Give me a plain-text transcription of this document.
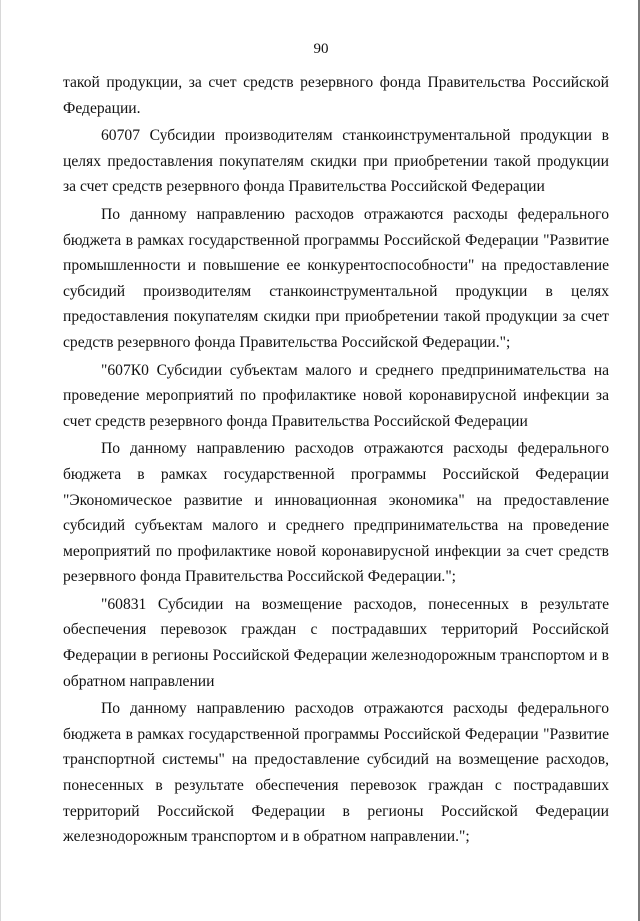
90

такой продукции, за счет средств резервного фонда Правительства Российской Федерации.

60707 Субсидии производителям станкоинструментальной продукции в целях предоставления покупателям скидки при приобретении такой продукции за счет средств резервного фонда Правительства Российской Федерации

По данному направлению расходов отражаются расходы федерального бюджета в рамках государственной программы Российской Федерации "Развитие промышленности и повышение ее конкурентоспособности" на предоставление субсидий производителям станкоинструментальной продукции в целях предоставления покупателям скидки при приобретении такой продукции за счет средств резервного фонда Правительства Российской Федерации.";

"607К0 Субсидии субъектам малого и среднего предпринимательства на проведение мероприятий по профилактике новой коронавирусной инфекции за счет средств резервного фонда Правительства Российской Федерации

По данному направлению расходов отражаются расходы федерального бюджета в рамках государственной программы Российской Федерации "Экономическое развитие и инновационная экономика" на предоставление субсидий субъектам малого и среднего предпринимательства на проведение мероприятий по профилактике новой коронавирусной инфекции за счет средств резервного фонда Правительства Российской Федерации.";

"60831 Субсидии на возмещение расходов, понесенных в результате обеспечения перевозок граждан с пострадавших территорий Российской Федерации в регионы Российской Федерации железнодорожным транспортом и в обратном направлении

По данному направлению расходов отражаются расходы федерального бюджета в рамках государственной программы Российской Федерации "Развитие транспортной системы" на предоставление субсидий на возмещение расходов, понесенных в результате обеспечения перевозок граждан с пострадавших территорий Российской Федерации в регионы Российской Федерации железнодорожным транспортом и в обратном направлении.";
